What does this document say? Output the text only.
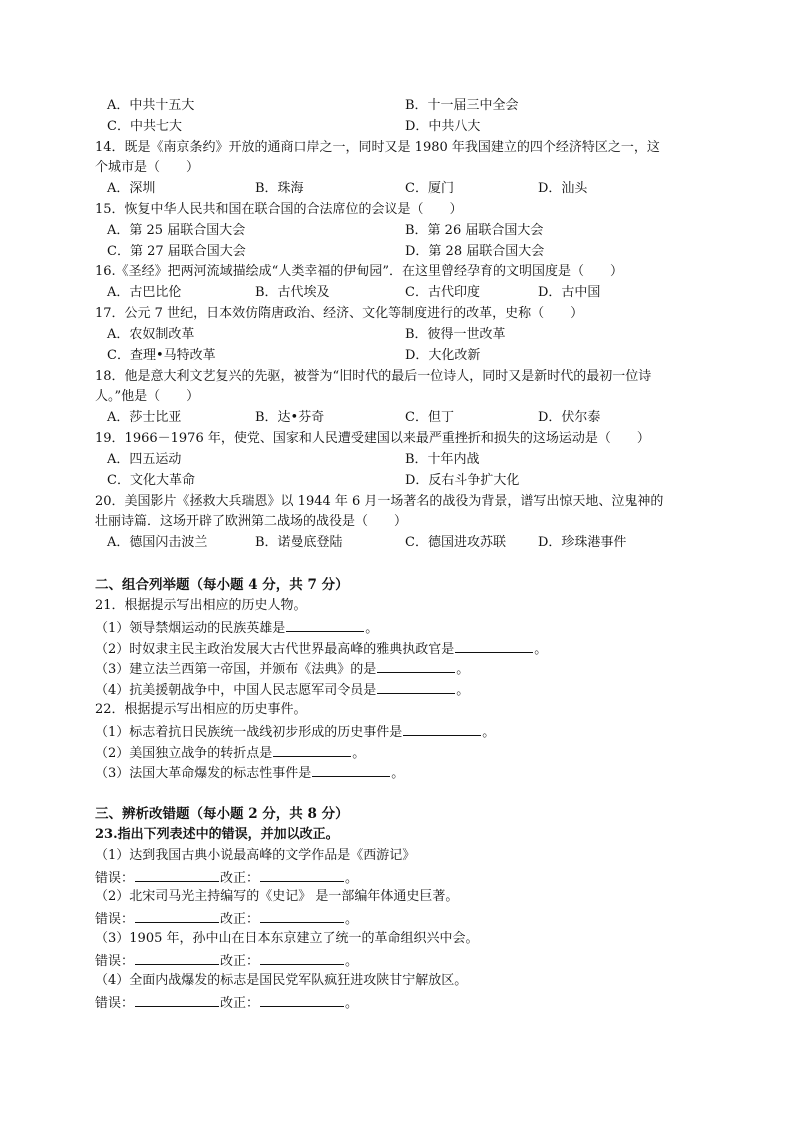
A．中共十五大	B．十一届三中全会
C．中共七大	D．中共八大
14．既是《南京条约》开放的通商口岸之一，同时又是 1980 年我国建立的四个经济特区之一，这
个城市是（　　）
A．深圳	B．珠海	C．厦门	D．汕头
15．恢复中华人民共和国在联合国的合法席位的会议是（　　）
A．第 25 届联合国大会	B．第 26 届联合国大会
C．第 27 届联合国大会	D．第 28 届联合国大会
16.《圣经》把两河流域描绘成“人类幸福的伊甸园”．在这里曾经孕育的文明国度是（　　）
A．古巴比伦	B．古代埃及	C．古代印度	D．古中国
17．公元 7 世纪，日本效仿隋唐政治、经济、文化等制度进行的改革，史称（　　）
A．农奴制改革	B．彼得一世改革
C．查理•马特改革	D．大化改新
18．他是意大利文艺复兴的先驱，被誉为“旧时代的最后一位诗人，同时又是新时代的最初一位诗
人。”他是（　　）
A．莎士比亚	B．达•芬奇	C．但丁	D．伏尔泰
19．1966－1976 年，使党、国家和人民遭受建国以来最严重挫折和损失的这场运动是（　　）
A．四五运动	B．十年内战
C．文化大革命	D．反右斗争扩大化
20．美国影片《拯救大兵瑞恩》以 1944 年 6 月一场著名的战役为背景，谱写出惊天地、泣鬼神的
壮丽诗篇．这场开辟了欧洲第二战场的战役是（　　）
A．德国闪击波兰	B．诺曼底登陆	C．德国进攻苏联 D．珍珠港事件
二、组合列举题（每小题 4 分，共 7 分）
21．根据提示写出相应的历史人物。
（1）领导禁烟运动的民族英雄是	。
（2）时奴隶主民主政治发展大古代世界最高峰的雅典执政官是	。
（3）建立法兰西第一帝国，并颁布《法典》的是	。
（4）抗美援朝战争中，中国人民志愿军司令员是	。
22．根据提示写出相应的历史事件。
（1）标志着抗日民族统一战线初步形成的历史事件是	。
（2）美国独立战争的转折点是	。
（3）法国大革命爆发的标志性事件是	。
三、辨析改错题（每小题 2 分，共 8 分）
23.指出下列表述中的错误，并加以改正。
（1）达到我国古典小说最高峰的文学作品是《西游记》
错误：	改正：	。
（2）北宋司马光主持编写的《史记》 是一部编年体通史巨著。
错误：	改正：	。
（3）1905 年，孙中山在日本东京建立了统一的革命组织兴中会。
错误：	改正：	。
（4）全面内战爆发的标志是国民党军队疯狂进攻陕甘宁解放区。
错误：	改正：	。
